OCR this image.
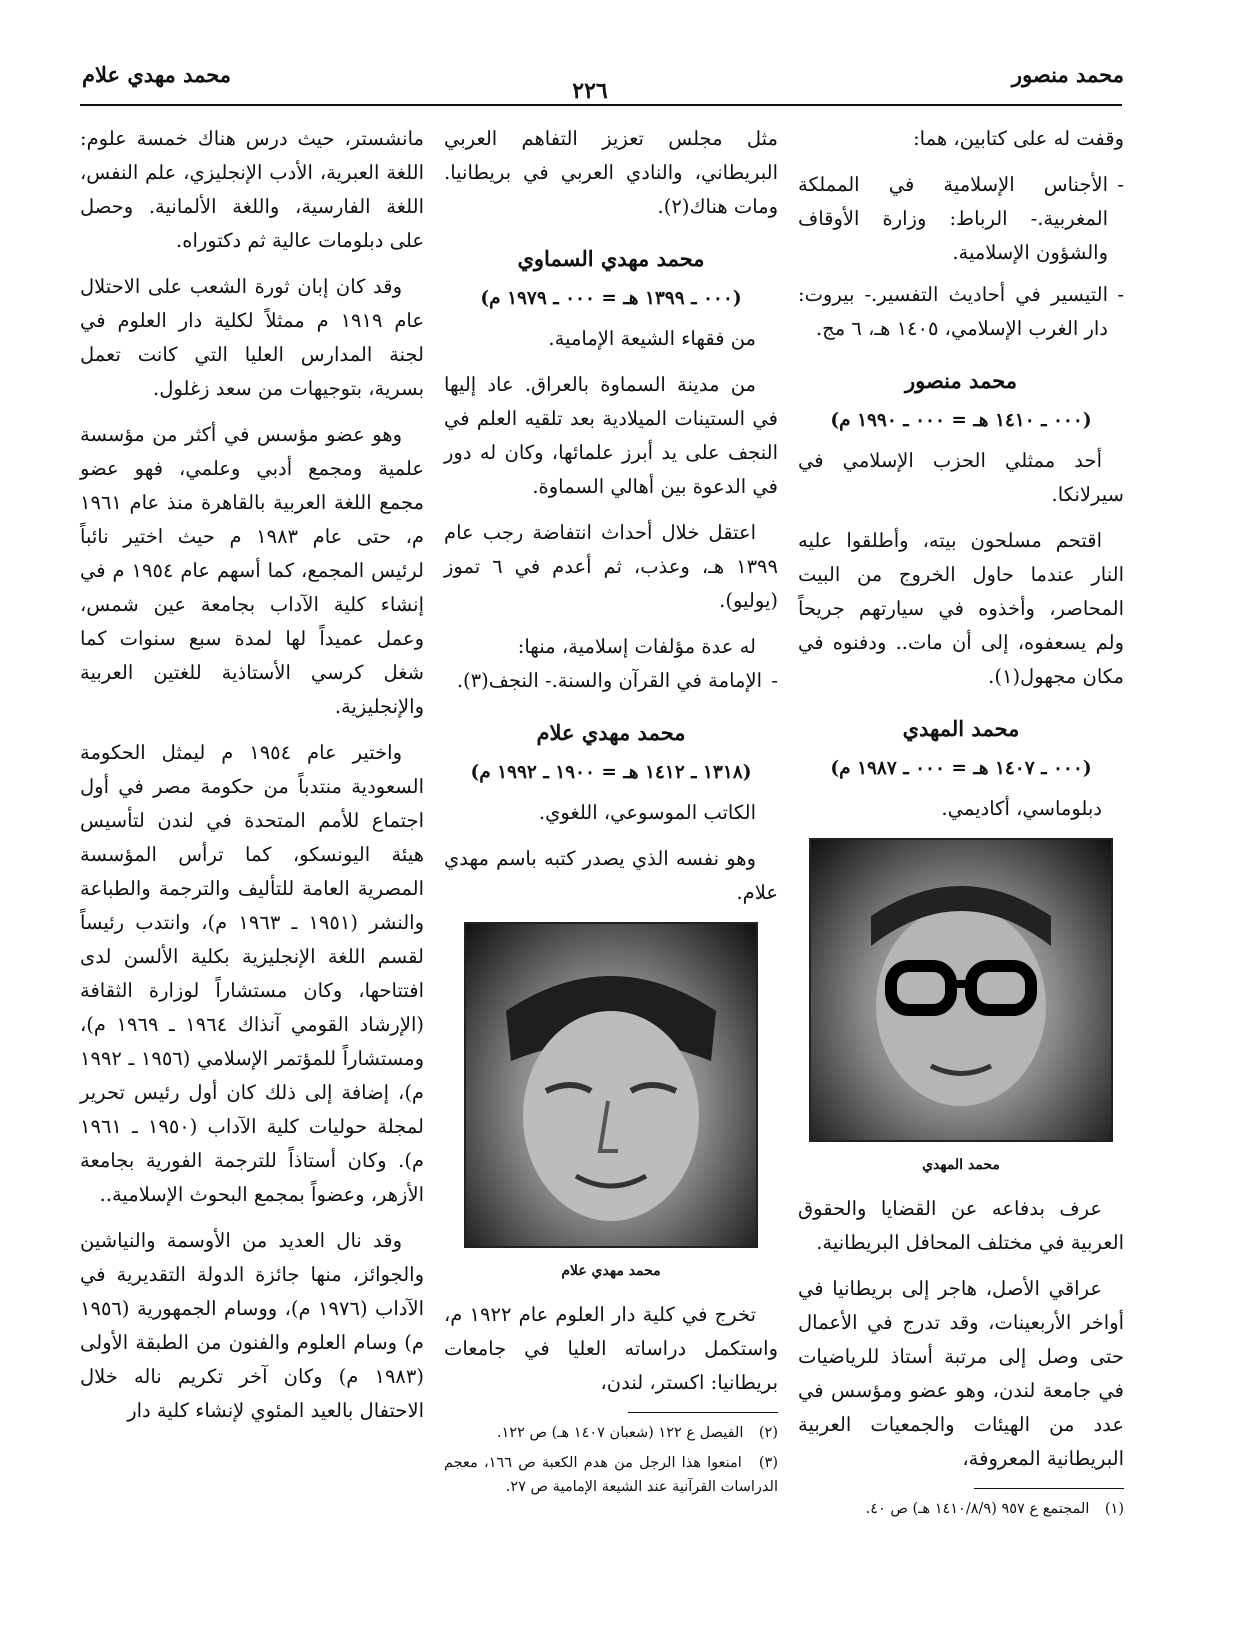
محمد منصور
٢٢٦
محمد مهدي علام

وقفت له على كتابين، هما:

- الأجناس الإسلامية في المملكة المغربية.- الرباط: وزارة الأوقاف والشؤون الإسلامية.
- التيسير في أحاديث التفسير.- بيروت: دار الغرب الإسلامي، ١٤٠٥ هـ، ٦ مج.
محمد منصور
(٠٠٠ ـ ١٤١٠ هـ = ٠٠٠ ـ ١٩٩٠ م)

أحد ممثلي الحزب الإسلامي في سيرلانكا.

اقتحم مسلحون بيته، وأطلقوا عليه النار عندما حاول الخروج من البيت المحاصر، وأخذوه في سيارتهم جريحاً ولم يسعفوه، إلى أن مات.. ودفنوه في مكان مجهول(١).

محمد المهدي
(٠٠٠ ـ ١٤٠٧ هـ = ٠٠٠ ـ ١٩٨٧ م)

دبلوماسي، أكاديمي.

محمد المهدي

عرف بدفاعه عن القضايا والحقوق العربية في مختلف المحافل البريطانية.

عراقي الأصل، هاجر إلى بريطانيا في أواخر الأربعينات، وقد تدرج في الأعمال حتى وصل إلى مرتبة أستاذ للرياضيات في جامعة لندن، وهو عضو ومؤسس في عدد من الهيئات والجمعيات العربية البريطانية المعروفة،

(١) المجتمع ع ٩٥٧ (١٤١٠/٨/٩ هـ) ص ٤٠.

مثل مجلس تعزيز التفاهم العربي البريطاني، والنادي العربي في بريطانيا. ومات هناك(٢).

محمد مهدي السماوي
(٠٠٠ ـ ١٣٩٩ هـ = ٠٠٠ ـ ١٩٧٩ م)

من فقهاء الشيعة الإمامية.

من مدينة السماوة بالعراق. عاد إليها في الستينات الميلادية بعد تلقيه العلم في النجف على يد أبرز علمائها، وكان له دور في الدعوة بين أهالي السماوة.

اعتقل خلال أحداث انتفاضة رجب عام ١٣٩٩ هـ، وعذب، ثم أعدم في ٦ تموز (يوليو).

له عدة مؤلفات إسلامية، منها:

- الإمامة في القرآن والسنة.- النجف(٣).
محمد مهدي علام
(١٣١٨ ـ ١٤١٢ هـ = ١٩٠٠ ـ ١٩٩٢ م)

الكاتب الموسوعي، اللغوي.

وهو نفسه الذي يصدر كتبه باسم مهدي علام.

محمد مهدي علام

تخرج في كلية دار العلوم عام ١٩٢٢ م، واستكمل دراساته العليا في جامعات بريطانيا: اكستر، لندن،

(٢) الفيصل ع ١٢٢ (شعبان ١٤٠٧ هـ) ص ١٢٢.
(٣) امنعوا هذا الرجل من هدم الكعبة ص ١٦٦، معجم الدراسات القرآنية عند الشيعة الإمامية ص ٢٧.

مانشستر، حيث درس هناك خمسة علوم: اللغة العبرية، الأدب الإنجليزي، علم النفس، اللغة الفارسية، واللغة الألمانية. وحصل على دبلومات عالية ثم دكتوراه.

وقد كان إبان ثورة الشعب على الاحتلال عام ١٩١٩ م ممثلاً لكلية دار العلوم في لجنة المدارس العليا التي كانت تعمل بسرية، بتوجيهات من سعد زغلول.

وهو عضو مؤسس في أكثر من مؤسسة علمية ومجمع أدبي وعلمي، فهو عضو مجمع اللغة العربية بالقاهرة منذ عام ١٩٦١ م، حتى عام ١٩٨٣ م حيث اختير نائباً لرئيس المجمع، كما أسهم عام ١٩٥٤ م في إنشاء كلية الآداب بجامعة عين شمس، وعمل عميداً لها لمدة سبع سنوات كما شغل كرسي الأستاذية للغتين العربية والإنجليزية.

واختير عام ١٩٥٤ م ليمثل الحكومة السعودية منتدباً من حكومة مصر في أول اجتماع للأمم المتحدة في لندن لتأسيس هيئة اليونسكو، كما ترأس المؤسسة المصرية العامة للتأليف والترجمة والطباعة والنشر (١٩٥١ ـ ١٩٦٣ م)، وانتدب رئيساً لقسم اللغة الإنجليزية بكلية الألسن لدى افتتاحها، وكان مستشاراً لوزارة الثقافة (الإرشاد القومي آنذاك ١٩٦٤ ـ ١٩٦٩ م)، ومستشاراً للمؤتمر الإسلامي (١٩٥٦ ـ ١٩٩٢ م)، إضافة إلى ذلك كان أول رئيس تحرير لمجلة حوليات كلية الآداب (١٩٥٠ ـ ١٩٦١ م). وكان أستاذاً للترجمة الفورية بجامعة الأزهر، وعضواً بمجمع البحوث الإسلامية..

وقد نال العديد من الأوسمة والنياشين والجوائز، منها جائزة الدولة التقديرية في الآداب (١٩٧٦ م)، ووسام الجمهورية (١٩٥٦ م) وسام العلوم والفنون من الطبقة الأولى (١٩٨٣ م) وكان آخر تكريم ناله خلال الاحتفال بالعيد المئوي لإنشاء كلية دار
